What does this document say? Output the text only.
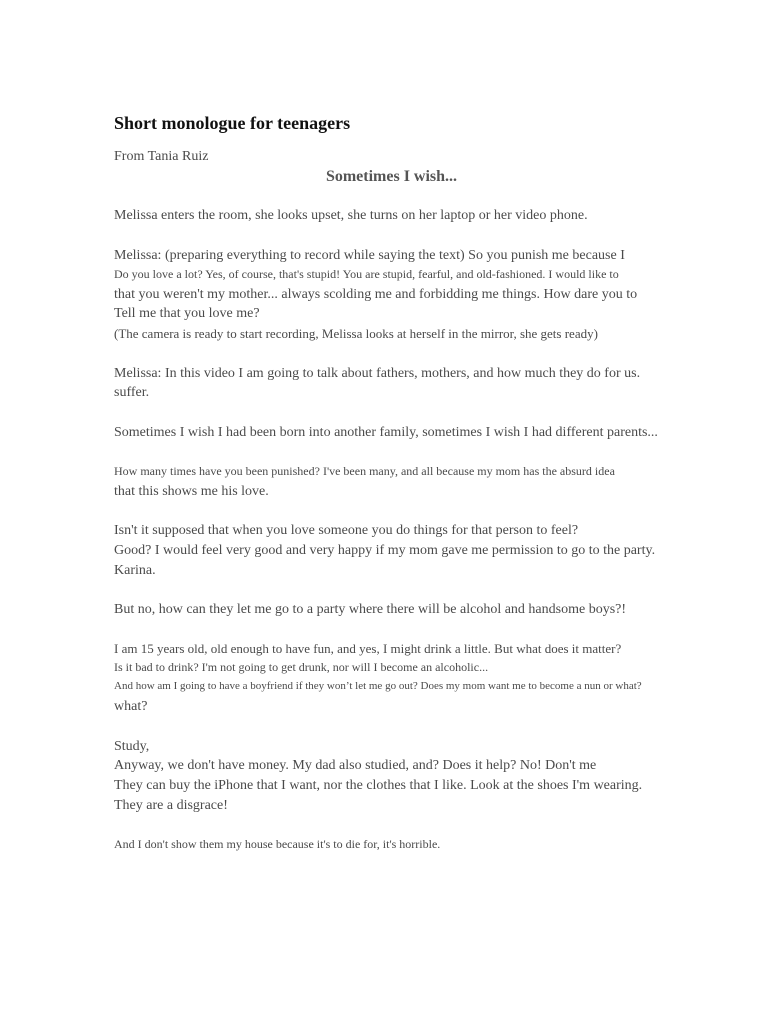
Short monologue for teenagers
From Tania Ruiz
Sometimes I wish...
Melissa enters the room, she looks upset, she turns on her laptop or her video phone.
Melissa: (preparing everything to record while saying the text) So you punish me because I
Do you love a lot? Yes, of course, that's stupid! You are stupid, fearful, and old-fashioned. I would like to
that you weren't my mother... always scolding me and forbidding me things. How dare you to
Tell me that you love me?
(The camera is ready to start recording, Melissa looks at herself in the mirror, she gets ready)
Melissa: In this video I am going to talk about fathers, mothers, and how much they do for us.
suffer.
Sometimes I wish I had been born into another family, sometimes I wish I had different parents...
How many times have you been punished? I've been many, and all because my mom has the absurd idea
that this shows me his love.
Isn't it supposed that when you love someone you do things for that person to feel?
Good? I would feel very good and very happy if my mom gave me permission to go to the party.
Karina.
But no, how can they let me go to a party where there will be alcohol and handsome boys?!
I am 15 years old, old enough to have fun, and yes, I might drink a little. But what does it matter?
Is it bad to drink? I'm not going to get drunk, nor will I become an alcoholic...
And how am I going to have a boyfriend if they won’t let me go out? Does my mom want me to become a nun or what?
what?
Study,
Anyway, we don't have money. My dad also studied, and? Does it help? No! Don't me
They can buy the iPhone that I want, nor the clothes that I like. Look at the shoes I'm wearing.
They are a disgrace!
And I don't show them my house because it's to die for, it's horrible.
